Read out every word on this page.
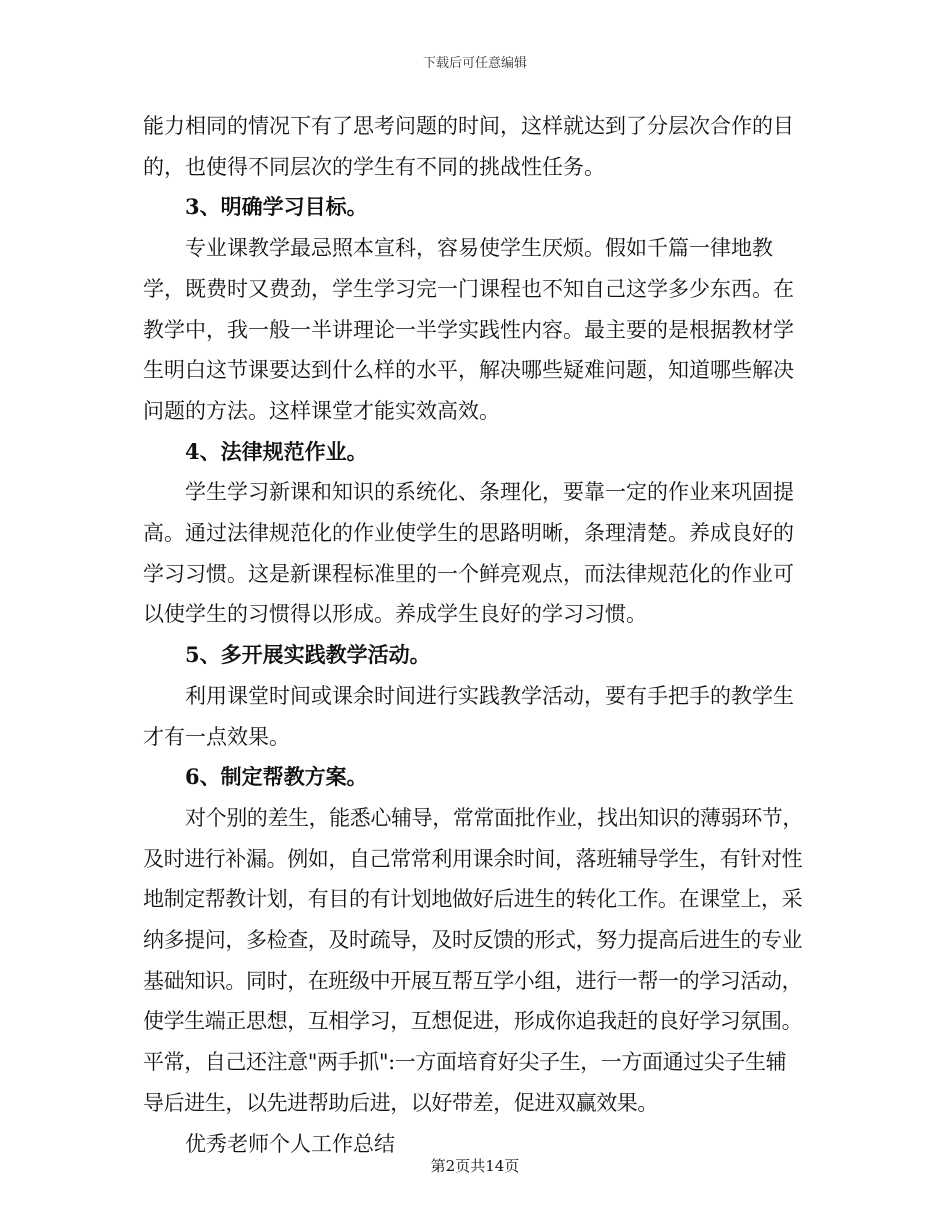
下载后可任意编辑

能力相同的情况下有了思考问题的时间，这样就达到了分层次合作的目的，也使得不同层次的学生有不同的挑战性任务。

3、明确学习目标。

专业课教学最忌照本宣科，容易使学生厌烦。假如千篇一律地教学，既费时又费劲，学生学习完一门课程也不知自己这学多少东西。在教学中，我一般一半讲理论一半学实践性内容。最主要的是根据教材学生明白这节课要达到什么样的水平，解决哪些疑难问题，知道哪些解决问题的方法。这样课堂才能实效高效。

4、法律规范作业。

学生学习新课和知识的系统化、条理化，要靠一定的作业来巩固提高。通过法律规范化的作业使学生的思路明晰，条理清楚。养成良好的学习习惯。这是新课程标准里的一个鲜亮观点，而法律规范化的作业可以使学生的习惯得以形成。养成学生良好的学习习惯。

5、多开展实践教学活动。

利用课堂时间或课余时间进行实践教学活动，要有手把手的教学生才有一点效果。

6、制定帮教方案。

对个别的差生，能悉心辅导，常常面批作业，找出知识的薄弱环节，及时进行补漏。例如，自己常常利用课余时间，落班辅导学生，有针对性地制定帮教计划，有目的有计划地做好后进生的转化工作。在课堂上，采纳多提问，多检查，及时疏导，及时反馈的形式，努力提高后进生的专业基础知识。同时，在班级中开展互帮互学小组，进行一帮一的学习活动，使学生端正思想，互相学习，互想促进，形成你追我赶的良好学习氛围。平常，自己还注意"两手抓":一方面培育好尖子生，一方面通过尖子生辅导后进生，以先进帮助后进，以好带差，促进双赢效果。

优秀老师个人工作总结

第2页共14页
